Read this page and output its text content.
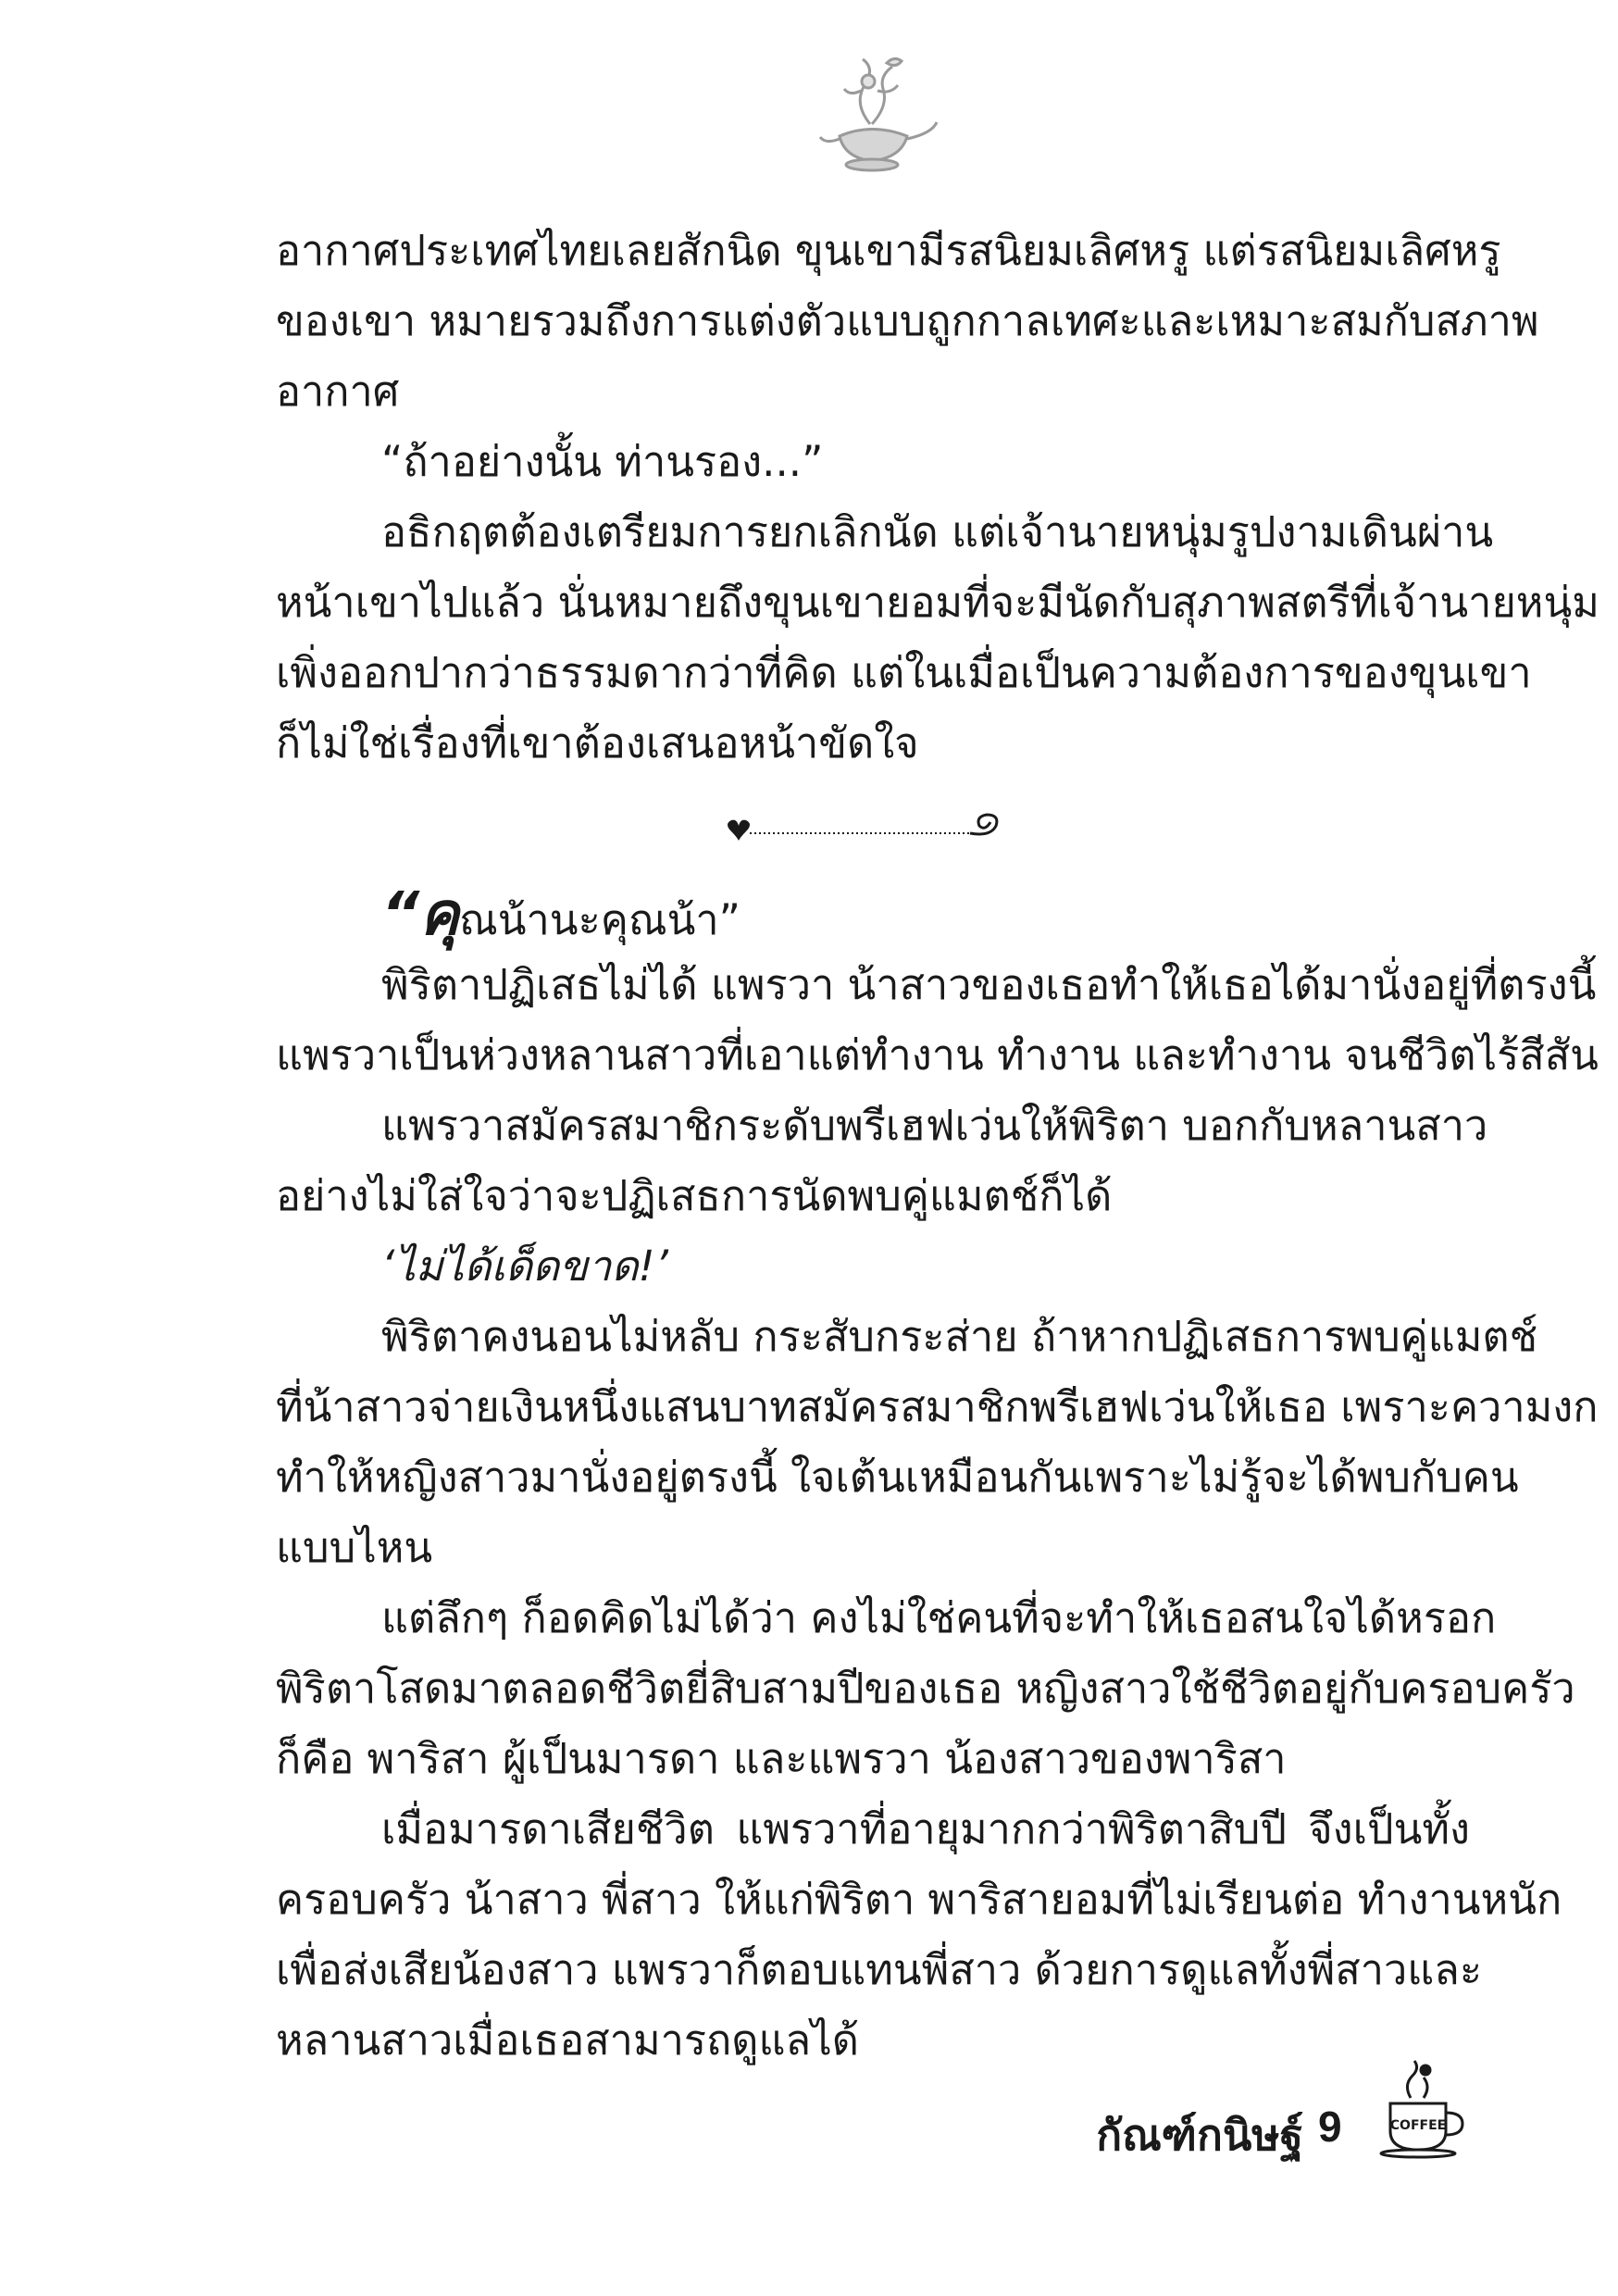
อากาศประเทศไทยเลยสักนิด ขุนเขามีรสนิยมเลิศหรู แต่รสนิยมเลิศหรู
ของเขา หมายรวมถึงการแต่งตัวแบบถูกกาลเทศะและเหมาะสมกับสภาพ
อากาศ
“ถ้าอย่างนั้น ท่านรอง...”
อธิกฤตต้องเตรียมการยกเลิกนัด แต่เจ้านายหนุ่มรูปงามเดินผ่าน
หน้าเขาไปแล้ว นั่นหมายถึงขุนเขายอมที่จะมีนัดกับสุภาพสตรีที่เจ้านายหนุ่ม
เพิ่งออกปากว่าธรรมดากว่าที่คิด แต่ในเมื่อเป็นความต้องการของขุนเขา
ก็ไม่ใช่เรื่องที่เขาต้องเสนอหน้าขัดใจ
“คุณน้านะคุณน้า”
พิริตาปฏิเสธไม่ได้ แพรวา น้าสาวของเธอทำให้เธอได้มานั่งอยู่ที่ตรงนี้
แพรวาเป็นห่วงหลานสาวที่เอาแต่ทำงาน ทำงาน และทำงาน จนชีวิตไร้สีสัน
แพรวาสมัครสมาชิกระดับพรีเฮฟเว่นให้พิริตา บอกกับหลานสาว
อย่างไม่ใส่ใจว่าจะปฏิเสธการนัดพบคู่แมตช์ก็ได้
‘ไม่ได้เด็ดขาด!’
พิริตาคงนอนไม่หลับ กระสับกระส่าย ถ้าหากปฏิเสธการพบคู่แมตช์
ที่น้าสาวจ่ายเงินหนึ่งแสนบาทสมัครสมาชิกพรีเฮฟเว่นให้เธอ เพราะความงก
ทำให้หญิงสาวมานั่งอยู่ตรงนี้ ใจเต้นเหมือนกันเพราะไม่รู้จะได้พบกับคน
แบบไหน
แต่ลึกๆ ก็อดคิดไม่ได้ว่า คงไม่ใช่คนที่จะทำให้เธอสนใจได้หรอก
พิริตาโสดมาตลอดชีวิตยี่สิบสามปีของเธอ หญิงสาวใช้ชีวิตอยู่กับครอบครัว
ก็คือ พาริสา ผู้เป็นมารดา และแพรวา น้องสาวของพาริสา
เมื่อมารดาเสียชีวิต แพรวาที่อายุมากกว่าพิริตาสิบปี จึงเป็นทั้ง
ครอบครัว น้าสาว พี่สาว ให้แก่พิริตา พาริสายอมที่ไม่เรียนต่อ ทำงานหนัก
เพื่อส่งเสียน้องสาว แพรวาก็ตอบแทนพี่สาว ด้วยการดูแลทั้งพี่สาวและ
หลานสาวเมื่อเธอสามารถดูแลได้
กัณฑ์กนิษฐ์ 9	COFFEE
